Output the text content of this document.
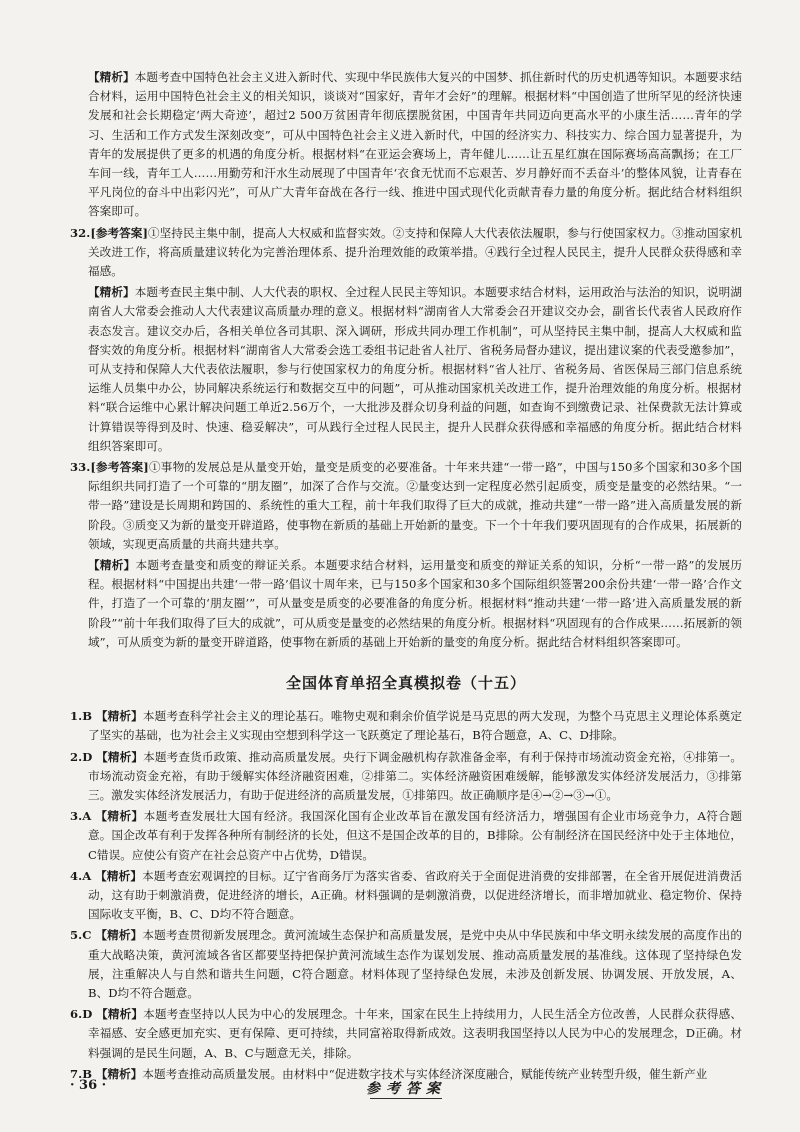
【精析】本题考查中国特色社会主义进入新时代、实现中华民族伟大复兴的中国梦、抓住新时代的历史机遇等知识。本题要求结合材料，运用中国特色社会主义的相关知识，谈谈对“国家好，青年才会好”的理解。根据材料“中国创造了世所罕见的经济快速发展和社会长期稳定‘两大奇迹’，超过2 500万贫困青年彻底摆脱贫困，中国青年共同迈向更高水平的小康生活……青年的学习、生活和工作方式发生深刻改变”，可从中国特色社会主义进入新时代，中国的经济实力、科技实力、综合国力显著提升，为青年的发展提供了更多的机遇的角度分析。根据材料“在亚运会赛场上，青年健儿……让五星红旗在国际赛场高高飘扬；在工厂车间一线，青年工人……用勤劳和汗水生动展现了中国青年‘衣食无忧而不忘艰苦、岁月静好而不丢奋斗’的整体风貌，让青春在平凡岗位的奋斗中出彩闪光”，可从广大青年奋战在各行一线、推进中国式现代化贡献青春力量的角度分析。据此结合材料组织答案即可。

32.[参考答案]①坚持民主集中制，提高人大权威和监督实效。②支持和保障人大代表依法履职，参与行使国家权力。③推动国家机关改进工作，将高质量建议转化为完善治理体系、提升治理效能的政策举措。④践行全过程人民民主，提升人民群众获得感和幸福感。

【精析】本题考查民主集中制、人大代表的职权、全过程人民民主等知识。本题要求结合材料，运用政治与法治的知识，说明湖南省人大常委会推动人大代表建议高质量办理的意义。根据材料“湖南省人大常委会召开建议交办会，副省长代表省人民政府作表态发言。建议交办后，各相关单位各司其职、深入调研，形成共同办理工作机制”，可从坚持民主集中制，提高人大权威和监督实效的角度分析。根据材料“湖南省人大常委会选工委组书记赴省人社厅、省税务局督办建议，提出建议案的代表受邀参加”，可从支持和保障人大代表依法履职，参与行使国家权力的角度分析。根据材料“省人社厅、省税务局、省医保局三部门信息系统运维人员集中办公，协同解决系统运行和数据交互中的问题”，可从推动国家机关改进工作，提升治理效能的角度分析。根据材料“联合运维中心累计解决问题工单近2.56万个，一大批涉及群众切身利益的问题，如查询不到缴费记录、社保费款无法计算或计算错误等得到及时、快速、稳妥解决”，可从践行全过程人民民主，提升人民群众获得感和幸福感的角度分析。据此结合材料组织答案即可。

33.[参考答案]①事物的发展总是从量变开始，量变是质变的必要准备。十年来共建“一带一路”，中国与150多个国家和30多个国际组织共同打造了一个可靠的“朋友圈”，加深了合作与交流。②量变达到一定程度必然引起质变，质变是量变的必然结果。“一带一路”建设是长周期和跨国的、系统性的重大工程，前十年我们取得了巨大的成就，推动共建“一带一路”进入高质量发展的新阶段。③质变又为新的量变开辟道路，使事物在新质的基础上开始新的量变。下一个十年我们要巩固现有的合作成果，拓展新的领域，实现更高质量的共商共建共享。

【精析】本题考查量变和质变的辩证关系。本题要求结合材料，运用量变和质变的辩证关系的知识，分析“一带一路”的发展历程。根据材料“中国提出共建‘一带一路’倡议十周年来，已与150多个国家和30多个国际组织签署200余份共建‘一带一路’合作文件，打造了一个可靠的‘朋友圈’”，可从量变是质变的必要准备的角度分析。根据材料“推动共建‘一带一路’进入高质量发展的新阶段”“前十年我们取得了巨大的成就”，可从质变是量变的必然结果的角度分析。根据材料“巩固现有的合作成果……拓展新的领域”，可从质变为新的量变开辟道路，使事物在新质的基础上开始新的量变的角度分析。据此结合材料组织答案即可。

全国体育单招全真模拟卷（十五）

1.B 【精析】本题考查科学社会主义的理论基石。唯物史观和剩余价值学说是马克思的两大发现，为整个马克思主义理论体系奠定了坚实的基础，也为社会主义实现由空想到科学这一飞跃奠定了理论基石，B符合题意，A、C、D排除。

2.D 【精析】本题考查货币政策、推动高质量发展。央行下调金融机构存款准备金率，有利于保持市场流动资金充裕，④排第一。市场流动资金充裕，有助于缓解实体经济融资困难，②排第二。实体经济融资困难缓解，能够激发实体经济发展活力，③排第三。激发实体经济发展活力，有助于促进经济的高质量发展，①排第四。故正确顺序是④→②→③→①。

3.A 【精析】本题考查发展壮大国有经济。我国深化国有企业改革旨在激发国有经济活力，增强国有企业市场竞争力，A符合题意。国企改革有利于发挥各种所有制经济的长处，但这不是国企改革的目的，B排除。公有制经济在国民经济中处于主体地位，C错误。应使公有资产在社会总资产中占优势，D错误。

4.A 【精析】本题考查宏观调控的目标。辽宁省商务厅为落实省委、省政府关于全面促进消费的安排部署，在全省开展促进消费活动，这有助于刺激消费，促进经济的增长，A正确。材料强调的是刺激消费，以促进经济增长，而非增加就业、稳定物价、保持国际收支平衡，B、C、D均不符合题意。

5.C 【精析】本题考查贯彻新发展理念。黄河流域生态保护和高质量发展，是党中央从中华民族和中华文明永续发展的高度作出的重大战略决策，黄河流域各省区都要坚持把保护黄河流域生态作为谋划发展、推动高质量发展的基准线。这体现了坚持绿色发展，注重解决人与自然和谐共生问题，C符合题意。材料体现了坚持绿色发展，未涉及创新发展、协调发展、开放发展，A、B、D均不符合题意。

6.D 【精析】本题考查坚持以人民为中心的发展理念。十年来，国家在民生上持续用力，人民生活全方位改善，人民群众获得感、幸福感、安全感更加充实、更有保障、更可持续，共同富裕取得新成效。这表明我国坚持以人民为中心的发展理念，D正确。材料强调的是民生问题，A、B、C与题意无关，排除。

7.B 【精析】本题考查推动高质量发展。由材料中“促进数字技术与实体经济深度融合，赋能传统产业转型升级，催生新产业

· 36 ·	参考答案
